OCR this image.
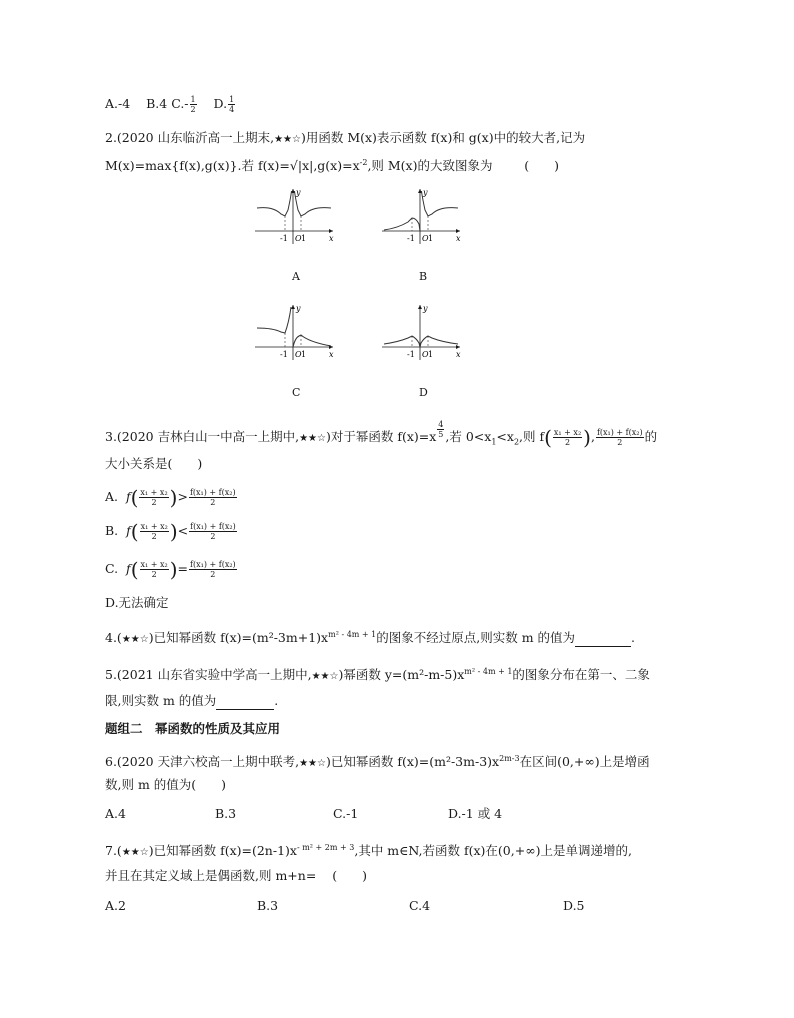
A.-4 B.4 $C.- \frac{1}{2} D$. $\frac{1}{4}$
2.(2020 山东临沂高一上期末,★★☆)用函数 M(x)表示函数 f(x)和 g(x)中的较大者,记为
M(x)=max{f(x),g(x)}.若 $f(x)=√|x|,g(x)=x^{-2}$,则 M(x)的大致图象为	(　　)
-1 O 1	x
y
A
-1 O 1	x
y
B
-1 O 1	x
y
C
-1 O 1	x
y
D
3.(2020 吉林白山一中高一上期中,★★☆)对于幂函数 $f(x)=x \frac{4}{5}$ ,若 $0<x_1<x_2$,则 $f( \frac{\text{x₁ + x₂}}{2}$ ), $\frac{\text{f(x₁) + f(x₂)}}{2}$ 的
大小关系是(　　)
A. $f( \frac{\text{x₁ + x₂}}{2}$ )> $\frac{\text{f(x₁) + f(x₂)}}{2}$
B. $f( \frac{\text{x₁ + x₂}}{2}$ )< $\frac{\text{f(x₁) + f(x₂)}}{2}$
C. $f( \frac{\text{x₁ + x₂}}{2}$ )= $\frac{\text{f(x₁) + f(x₂)}}{2}$
D.无法确定
4.(★★☆)已知幂函数 $f(x)=(m^2-3m+1)x^{m^2 - 4m + 1}$的图象不经过原点,则实数 m 的值为	.
5.(2021 山东省实验中学高一上期中,★★☆)幂函数 $y=(m^2-m-5)x^{m^2 - 4m + 1}$的图象分布在第一、二象
限,则实数 m 的值为	.
题组二　幂函数的性质及其应用
6.(2020 天津六校高一上期中联考,★★☆)已知幂函数 $f(x)=(m^2-3m-3)x^{2m-3}$在区间(0,+∞)上是增函
数,则 m 的值为(　　)
A.4	B.3	C.-1	D.-1 或 4
7.(★★☆)已知幂函数 $f(x)=(2n-1)x^{- m^2 + 2m + 3}$,其中 m∈N,若函数 f(x)在(0,+∞)上是单调递增的,
并且在其定义域上是偶函数,则 m+n= (　　)
A.2	B.3	C.4	D.5
